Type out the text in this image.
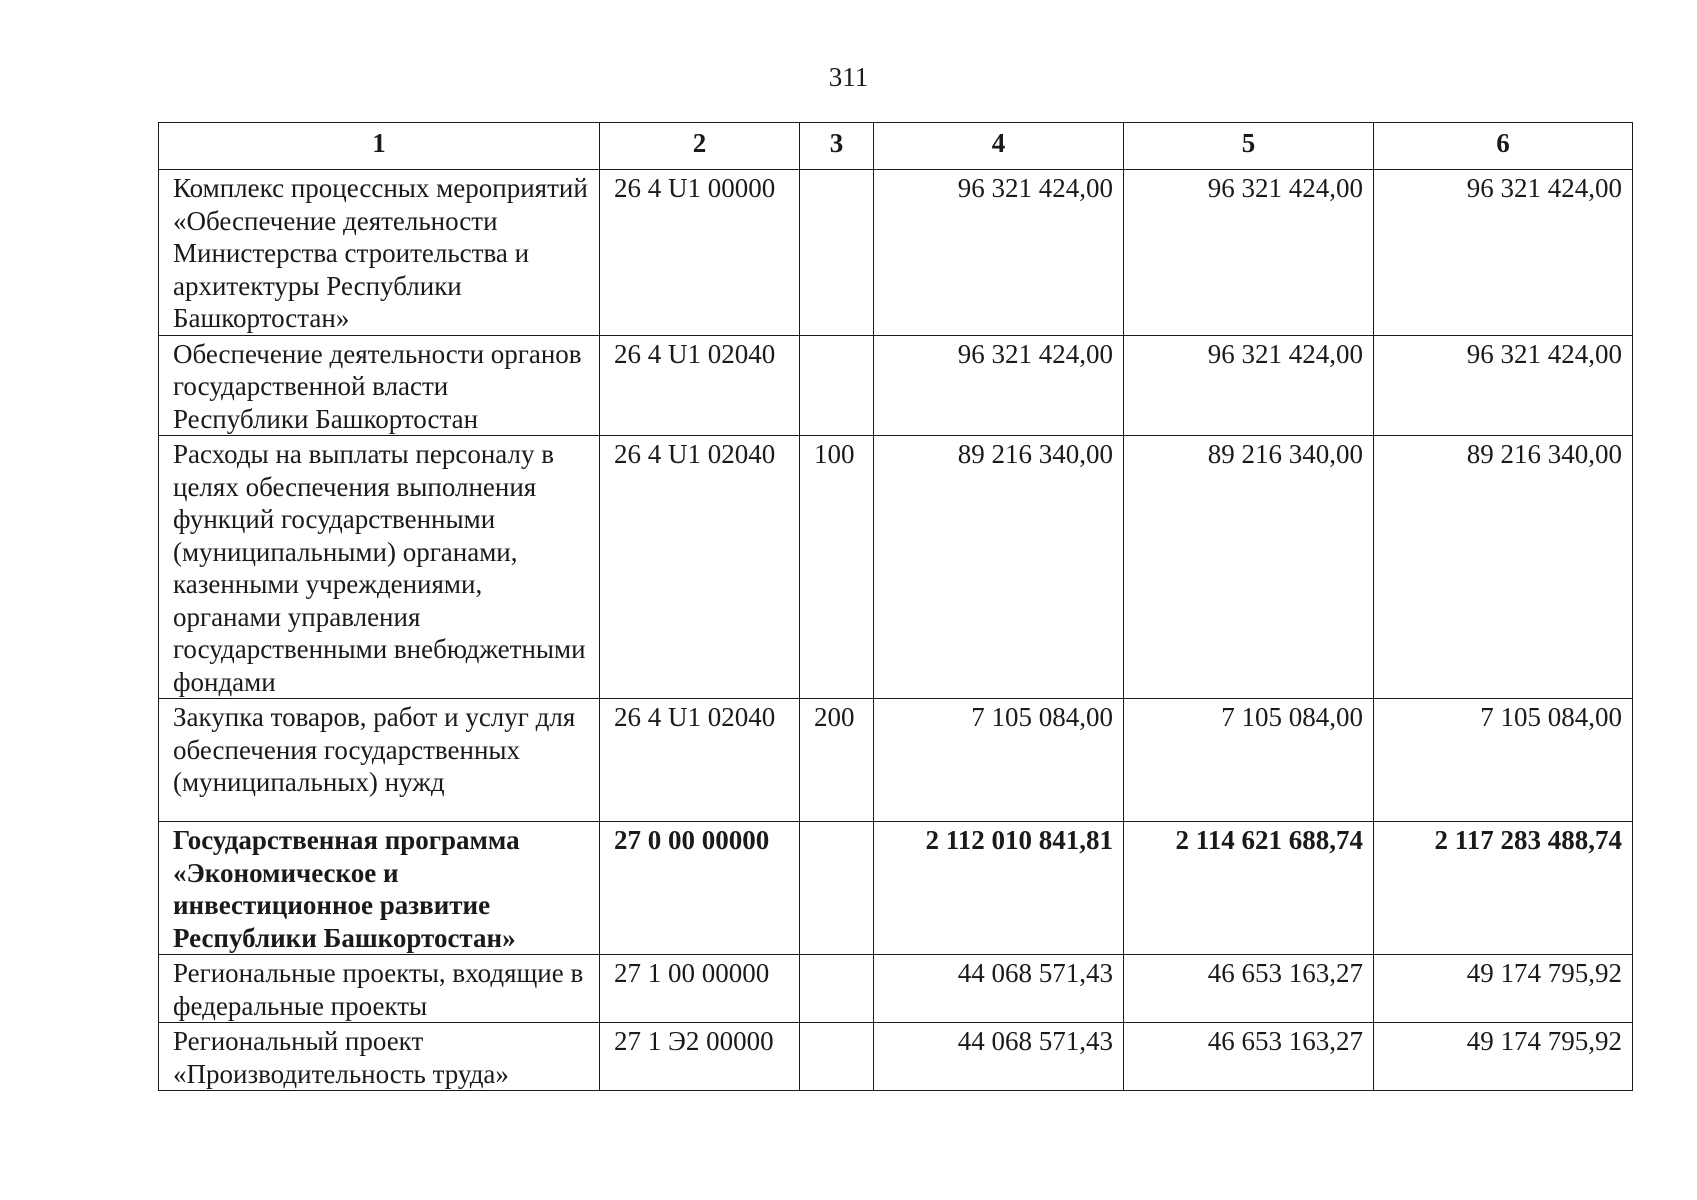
311
1	2	3	4	5	6
Комплекс процессных мероприятий «Обеспечение деятельности Министерства строительства и архитектуры Республики Башкортостан»	26 4 U1 00000		96 321 424,00	96 321 424,00	96 321 424,00
Обеспечение деятельности органов государственной власти Республики Башкортостан	26 4 U1 02040		96 321 424,00	96 321 424,00	96 321 424,00
Расходы на выплаты персоналу в целях обеспечения выполнения функций государственными (муниципальными) органами, казенными учреждениями, органами управления государственными внебюджетными фондами	26 4 U1 02040	100	89 216 340,00	89 216 340,00	89 216 340,00
Закупка товаров, работ и услуг для обеспечения государственных (муниципальных) нужд	26 4 U1 02040	200	7 105 084,00	7 105 084,00	7 105 084,00
Государственная программа «Экономическое и инвестиционное развитие Республики Башкортостан»	27 0 00 00000		2 112 010 841,81	2 114 621 688,74	2 117 283 488,74
Региональные проекты, входящие в федеральные проекты	27 1 00 00000		44 068 571,43	46 653 163,27	49 174 795,92
Региональный проект «Производительность труда»	27 1 Э2 00000		44 068 571,43	46 653 163,27	49 174 795,92
